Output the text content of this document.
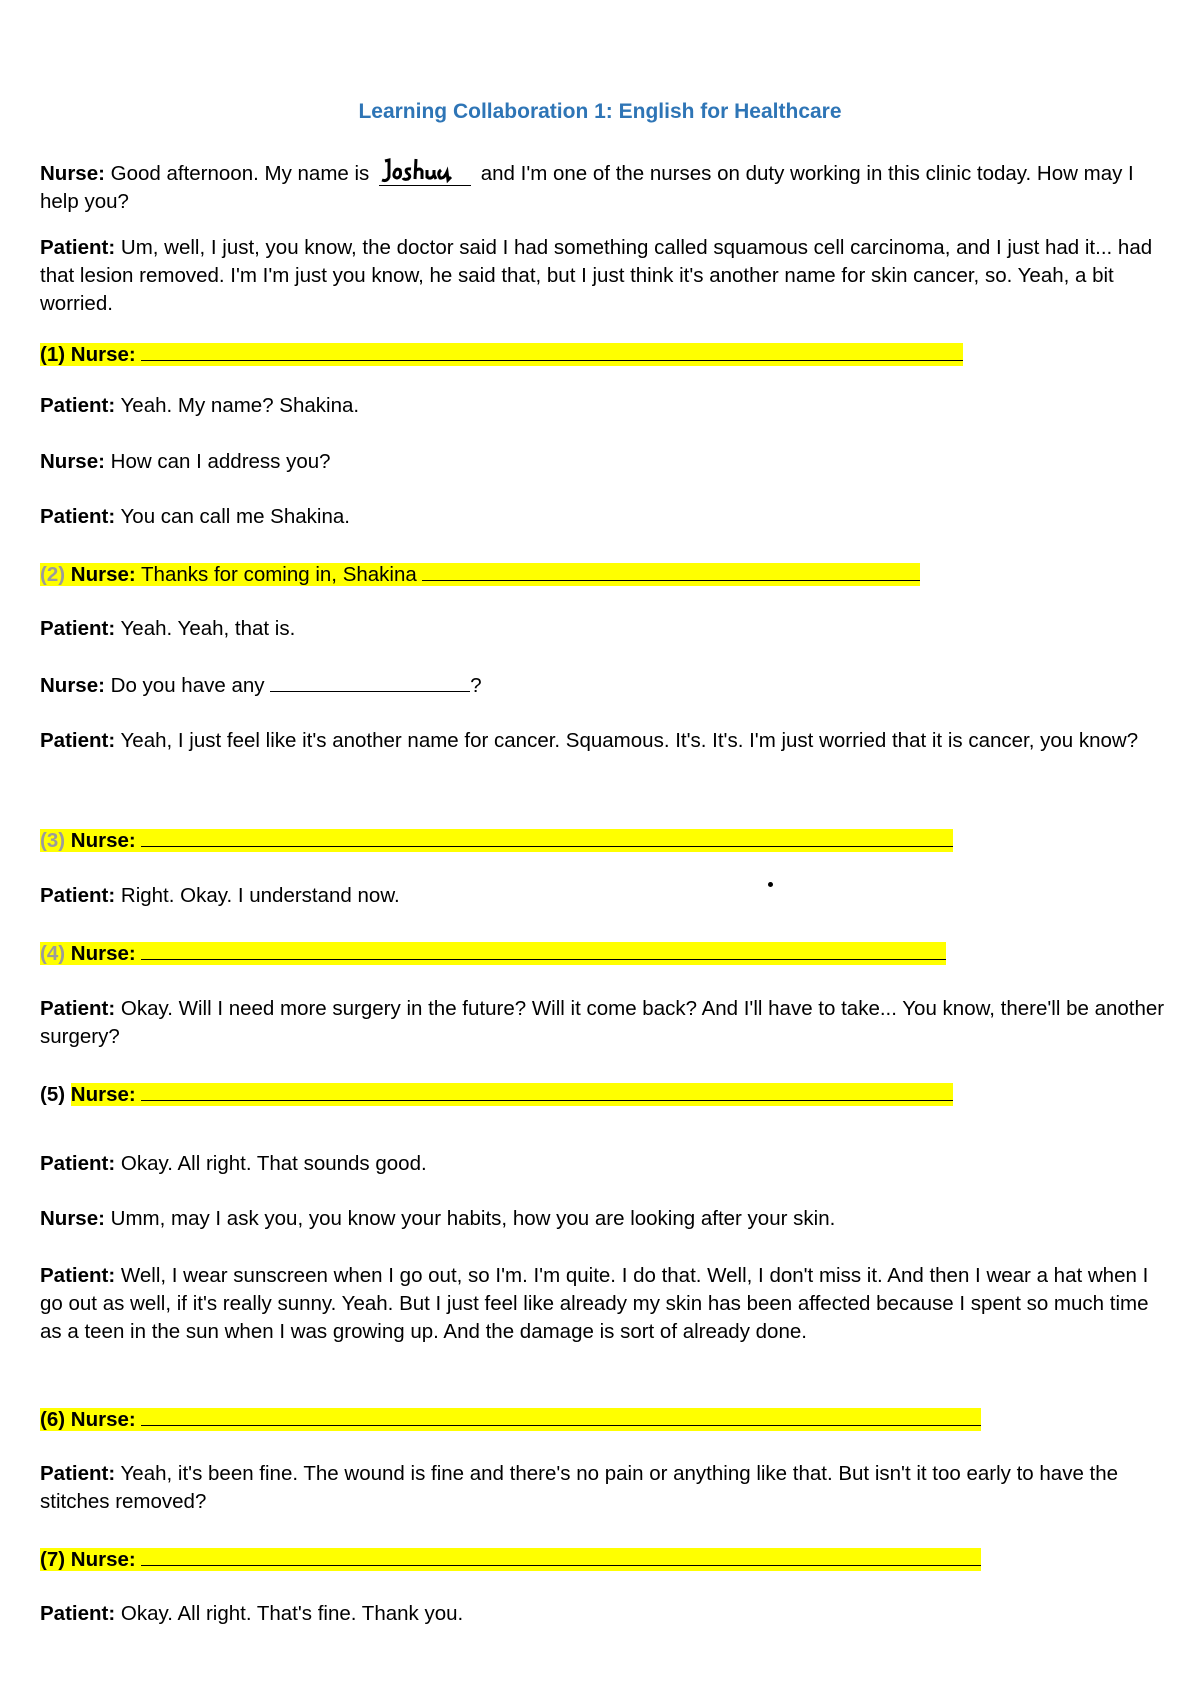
Learning Collaboration 1: English for Healthcare
Nurse: Good afternoon. My name is	and I'm one of the nurses on duty working in this clinic today. How may I help you?
Patient: Um, well, I just, you know, the doctor said I had something called squamous cell carcinoma, and I just had it... had that lesion removed. I'm I'm just you know, he said that, but I just think it's another name for skin cancer, so. Yeah, a bit worried.
(1) Nurse:
Patient: Yeah. My name? Shakina.
Nurse: How can I address you?
Patient: You can call me Shakina.
(2) Nurse: Thanks for coming in, Shakina
Patient: Yeah. Yeah, that is.
Nurse: Do you have any	?
Patient: Yeah, I just feel like it's another name for cancer. Squamous. It's. It's. I'm just worried that it is cancer, you know?
(3) Nurse:
Patient: Right. Okay. I understand now.
(4) Nurse:
Patient: Okay. Will I need more surgery in the future? Will it come back? And I'll have to take... You know, there'll be another surgery?
(5) Nurse:
Patient: Okay. All right. That sounds good.
Nurse: Umm, may I ask you, you know your habits, how you are looking after your skin.
Patient: Well, I wear sunscreen when I go out, so I'm. I'm quite. I do that. Well, I don't miss it. And then I wear a hat when I go out as well, if it's really sunny. Yeah. But I just feel like already my skin has been affected because I spent so much time as a teen in the sun when I was growing up. And the damage is sort of already done.
(6) Nurse:
Patient: Yeah, it's been fine. The wound is fine and there's no pain or anything like that. But isn't it too early to have the stitches removed?
(7) Nurse:
Patient: Okay. All right. That's fine. Thank you.
